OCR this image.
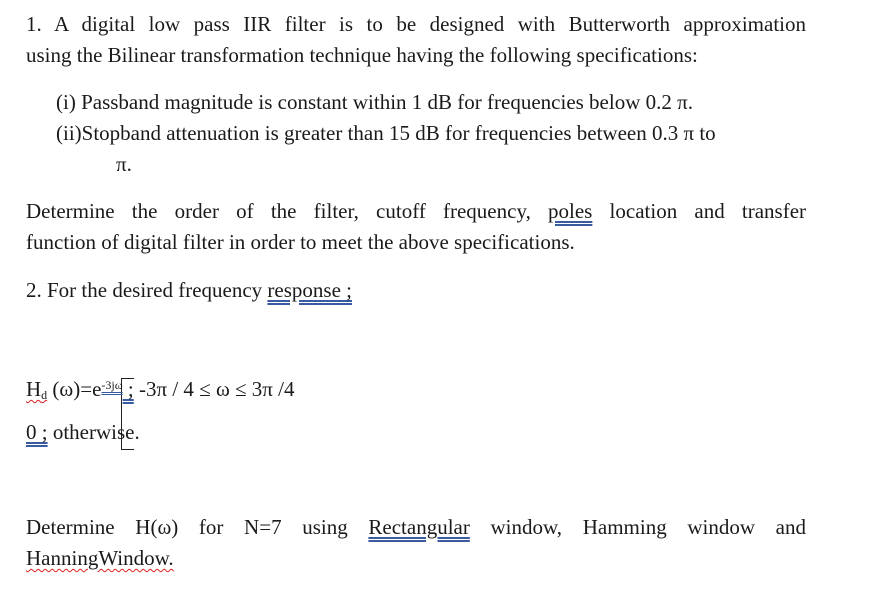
1. A digital low pass IIR filter is to be designed with Butterworth approximation
using the Bilinear transformation technique having the following specifications:
(i) Passband magnitude is constant within 1 dB for frequencies below 0.2 π.
(ii)Stopband attenuation is greater than 15 dB for frequencies between 0.3 π to
π.
Determine the order of the filter, cutoff frequency, poles location and transfer
function of digital filter in order to meet the above specifications.
2. For the desired frequency response ;
$H_d$ $(\omega)=e^{-3j\omega}$ ; -3π / 4 ≤ ω ≤ 3π /4
0 ; otherwise.
Determine H(ω) for N=7 using Rectangular window, Hamming window and
HanningWindow.
